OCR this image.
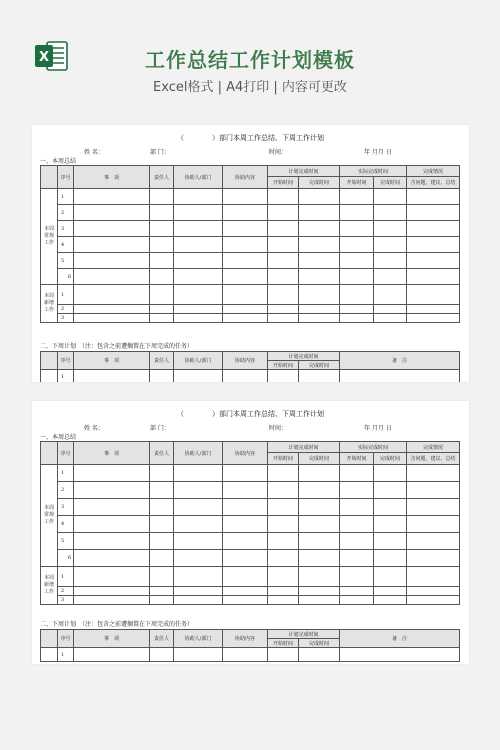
X	工作总结工作计划模板
Excel格式 | A4打印 | 内容可更改
（　　　　）部门本周工作总结、下周工作计划
姓 名：	部 门：	时间：	年 月月 日
一、本周总结
	序号	事　项	责任人	协助人/部门	协助内容	计划完成时间		实际完成时间		完成情况
						开始时间	完成时间	开始时间	完成时间	含问题、建议、总结
本周
常规
工作	1									
	2									
	3									
	4									
	5									
	6									
本周
新增
工作	1									
	2									
	3									
二、下周计划　（注：包含之前遭搁置在下周完成的任务）
	序号	事　项	责任人	协助人/部门	协助内容	计划完成时间		备　注
						开始时间	完成时间	
	1							
（　　　　）部门本周工作总结、下周工作计划
姓 名：	部 门：	时间：	年 月月 日
一、本周总结
	序号	事　项	责任人	协助人/部门	协助内容	计划完成时间		实际完成时间		完成情况
						开始时间	完成时间	开始时间	完成时间	含问题、建议、总结
本周
常规
工作	1									
	2									
	3									
	4									
	5									
	6									
本周
新增
工作	1									
	2									
	3									
二、下周计划　（注：包含之前遭搁置在下周完成的任务）
	序号	事　项	责任人	协助人/部门	协助内容	计划完成时间		备　注
						开始时间	完成时间	
	1							
